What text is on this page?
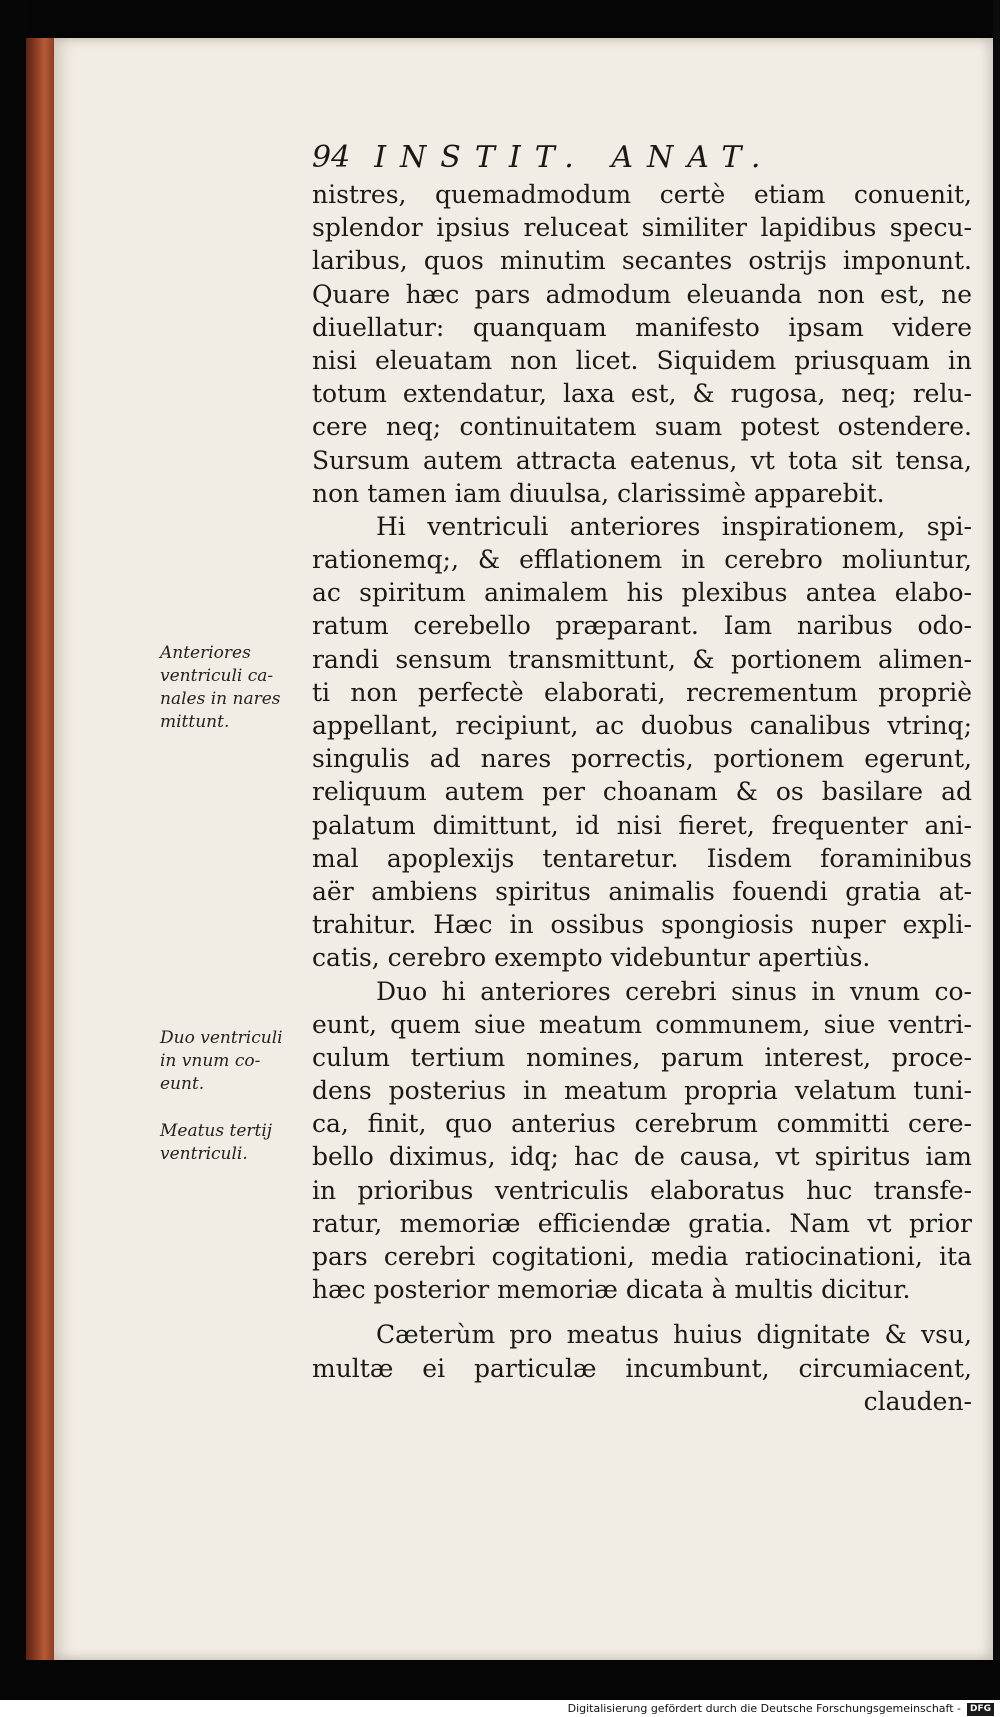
94 INSTIT. ANAT.
nistres, quemadmodum certè etiam conuenit,
splendor ipsius reluceat similiter lapidibus specu-
laribus, quos minutim secantes ostrijs imponunt.
Quare hæc pars admodum eleuanda non est, ne
diuellatur: quanquam manifesto ipsam videre
nisi eleuatam non licet. Siquidem priusquam in
totum extendatur, laxa est, & rugosa, neq; relu-
cere neq; continuitatem suam potest ostendere.
Sursum autem attracta eatenus, vt tota sit tensa,
non tamen iam diuulsa, clarissimè apparebit.
Hi ventriculi anteriores inspirationem, spi-
rationemq;, & efflationem in cerebro moliuntur,
ac spiritum animalem his plexibus antea elabo-
ratum cerebello præparant. Iam naribus odo-
randi sensum transmittunt, & portionem alimen-
ti non perfectè elaborati, recrementum propriè
appellant, recipiunt, ac duobus canalibus vtrinq;
singulis ad nares porrectis, portionem egerunt,
reliquum autem per choanam & os basilare ad
palatum dimittunt, id nisi fieret, frequenter ani-
mal apoplexijs tentaretur. Iisdem foraminibus
aër ambiens spiritus animalis fouendi gratia at-
trahitur. Hæc in ossibus spongiosis nuper expli-
catis, cerebro exempto videbuntur apertiùs.
Duo hi anteriores cerebri sinus in vnum co-
eunt, quem siue meatum communem, siue ventri-
culum tertium nomines, parum interest, proce-
dens posterius in meatum propria velatum tuni-
ca, finit, quo anterius cerebrum committi cere-
bello diximus, idq; hac de causa, vt spiritus iam
in prioribus ventriculis elaboratus huc transfe-
ratur, memoriæ efficiendæ gratia. Nam vt prior
pars cerebri cogitationi, media ratiocinationi, ita
hæc posterior memoriæ dicata à multis dicitur.
Cæterùm pro meatus huius dignitate & vsu,
multæ ei particulæ incumbunt, circumiacent,
clauden-
Anteriores
ventriculi ca-
nales in nares
mittunt.
Duo ventriculi
in vnum co-
eunt.
Meatus tertij
ventriculi.
Digitalisierung gefördert durch die Deutsche Forschungsgemeinschaft - DFG
